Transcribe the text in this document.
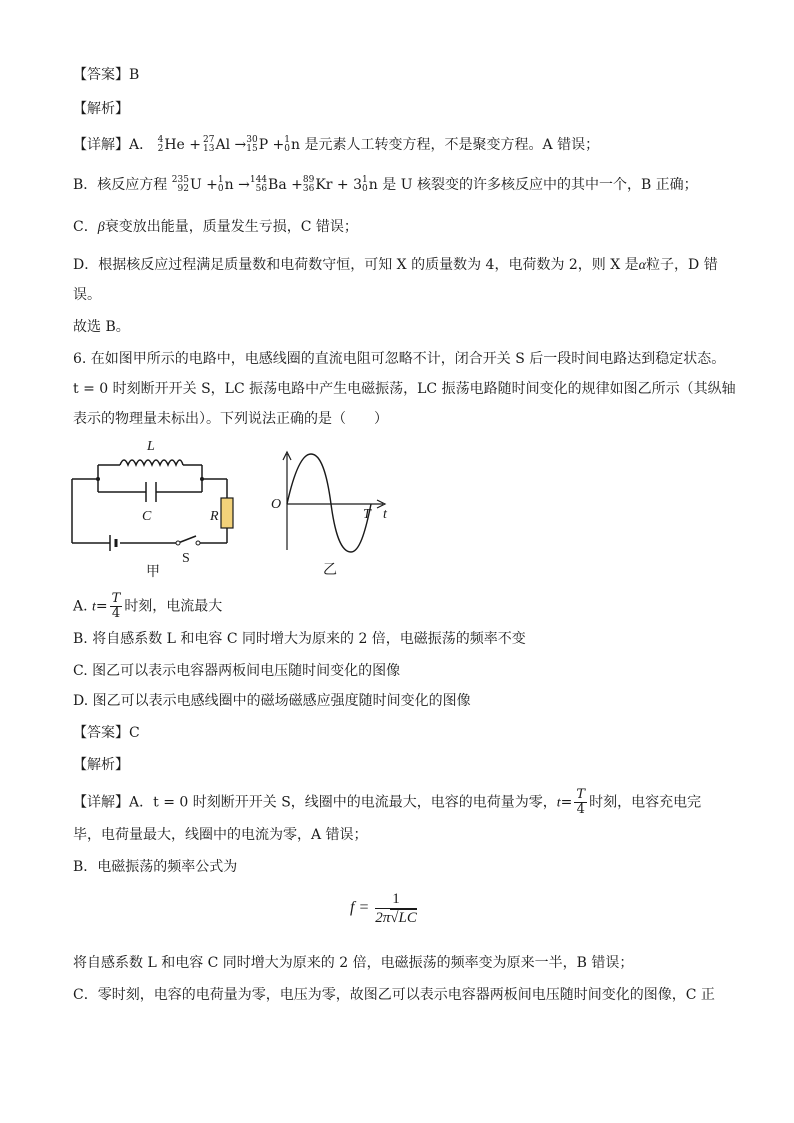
【答案】B
【解析】
【详解】A． 4
2 He + 27
13 Al → 30
15 P + 1
0 n 是元素人工转变方程，不是聚变方程。A 错误；
B．核反应方程 235
92 U + 1
0 n → 144
56 Ba + 89
36 Kr + 3 1
0 n 是 U 核裂变的许多核反应中的其中一个，B 正确；
C．β衰变放出能量，质量发生亏损，C 错误；
D．根据核反应过程满足质量数和电荷数守恒，可知 X 的质量数为 4，电荷数为 2，则 X 是α粒子，D 错
误。
故选 B。
6. 在如图甲所示的电路中，电感线圈的直流电阻可忽略不计，闭合开关 S 后一段时间电路达到稳定状态。
t = 0 时刻断开开关 S，LC 振荡电路中产生电磁振荡，LC 振荡电路随时间变化的规律如图乙所示（其纵轴
表示的物理量未标出）。下列说法正确的是（　　）
L
C	R
S
甲
O
T t
乙
A. $t= \frac{T}{4}$ 时刻，电流最大
B. 将自感系数 L 和电容 C 同时增大为原来的 2 倍，电磁振荡的频率不变
C. 图乙可以表示电容器两板间电压随时间变化的图像
D. 图乙可以表示电感线圈中的磁场磁感应强度随时间变化的图像
【答案】C
【解析】
【详解】A．t = 0 时刻断开开关 S，线圈中的电流最大，电容的电荷量为零，$t= \frac{T}{4}$ 时刻，电容充电完
毕，电荷量最大，线圈中的电流为零，A 错误；
B．电磁振荡的频率公式为
$f = \frac{1}{2\pi√LC}$
将自感系数 L 和电容 C 同时增大为原来的 2 倍，电磁振荡的频率变为原来一半，B 错误；
C．零时刻，电容的电荷量为零，电压为零，故图乙可以表示电容器两板间电压随时间变化的图像，C 正
